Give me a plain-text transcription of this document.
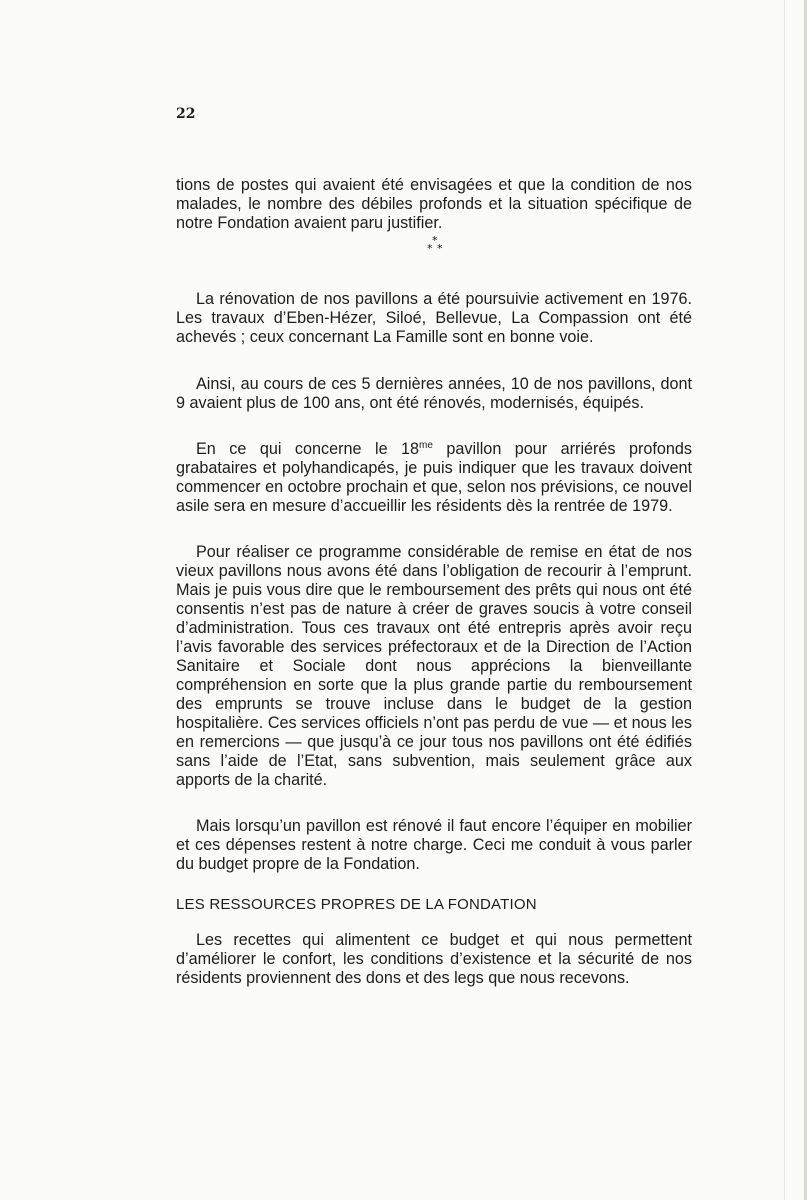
22

tions de postes qui avaient été envisagées et que la condition de nos malades, le nombre des débiles profonds et la situation spécifique de notre Fondation avaient paru justifier.

*
* *

La rénovation de nos pavillons a été poursuivie activement en 1976. Les travaux d’Eben-Hézer, Siloé, Bellevue, La Compassion ont été achevés ; ceux concernant La Famille sont en bonne voie.

Ainsi, au cours de ces 5 dernières années, 10 de nos pavillons, dont 9 avaient plus de 100 ans, ont été rénovés, modernisés, équipés.

En ce qui concerne le $18^{me}$ pavillon pour arriérés profonds grabataires et polyhandicapés, je puis indiquer que les travaux doivent commencer en octobre prochain et que, selon nos prévisions, ce nouvel asile sera en mesure d’accueillir les résidents dès la rentrée de 1979.

Pour réaliser ce programme considérable de remise en état de nos vieux pavillons nous avons été dans l’obligation de recourir à l’emprunt. Mais je puis vous dire que le remboursement des prêts qui nous ont été consentis n’est pas de nature à créer de graves soucis à votre conseil d’administration. Tous ces travaux ont été entrepris après avoir reçu l’avis favorable des services préfectoraux et de la Direction de l’Action Sanitaire et Sociale dont nous apprécions la bienveillante compréhension en sorte que la plus grande partie du remboursement des emprunts se trouve incluse dans le budget de la gestion hospitalière. Ces services officiels n’ont pas perdu de vue — et nous les en remercions — que jusqu’à ce jour tous nos pavillons ont été édifiés sans l’aide de l’Etat, sans subvention, mais seulement grâce aux apports de la charité.

Mais lorsqu’un pavillon est rénové il faut encore l’équiper en mobilier et ces dépenses restent à notre charge. Ceci me conduit à vous parler du budget propre de la Fondation.

LES RESSOURCES PROPRES DE LA FONDATION

Les recettes qui alimentent ce budget et qui nous permettent d’améliorer le confort, les conditions d’existence et la sécurité de nos résidents proviennent des dons et des legs que nous recevons.
